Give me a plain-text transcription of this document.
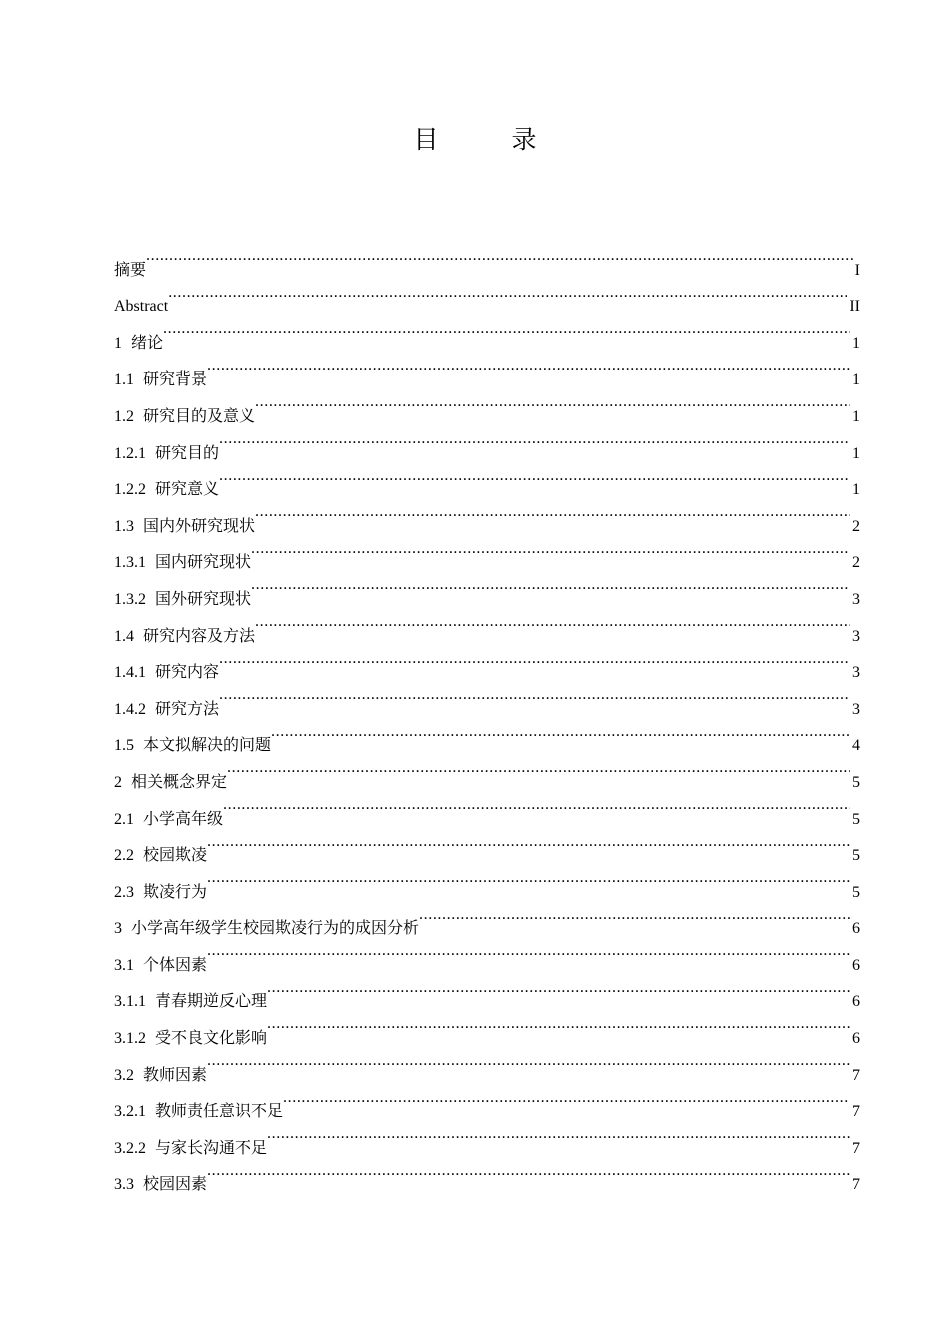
目　录
摘要 .....	I
Abstract .....	II
1 绪论 .....	1
1.1 研究背景 .....	1
1.2 研究目的及意义 .....	1
1.2.1 研究目的 .....	1
1.2.2 研究意义 .....	1
1.3 国内外研究现状 .....	2
1.3.1 国内研究现状 .....	2
1.3.2 国外研究现状 .....	3
1.4 研究内容及方法 .....	3
1.4.1 研究内容 .....	3
1.4.2 研究方法 .....	3
1.5 本文拟解决的问题 .....	4
2 相关概念界定 .....	5
2.1 小学高年级 .....	5
2.2 校园欺凌 .....	5
2.3 欺凌行为 .....	5
3 小学高年级学生校园欺凌行为的成因分析 .....	6
3.1 个体因素 .....	6
3.1.1 青春期逆反心理 .....	6
3.1.2 受不良文化影响 .....	6
3.2 教师因素 .....	7
3.2.1 教师责任意识不足 .....	7
3.2.2 与家长沟通不足 .....	7
3.3 校园因素 .....	7
